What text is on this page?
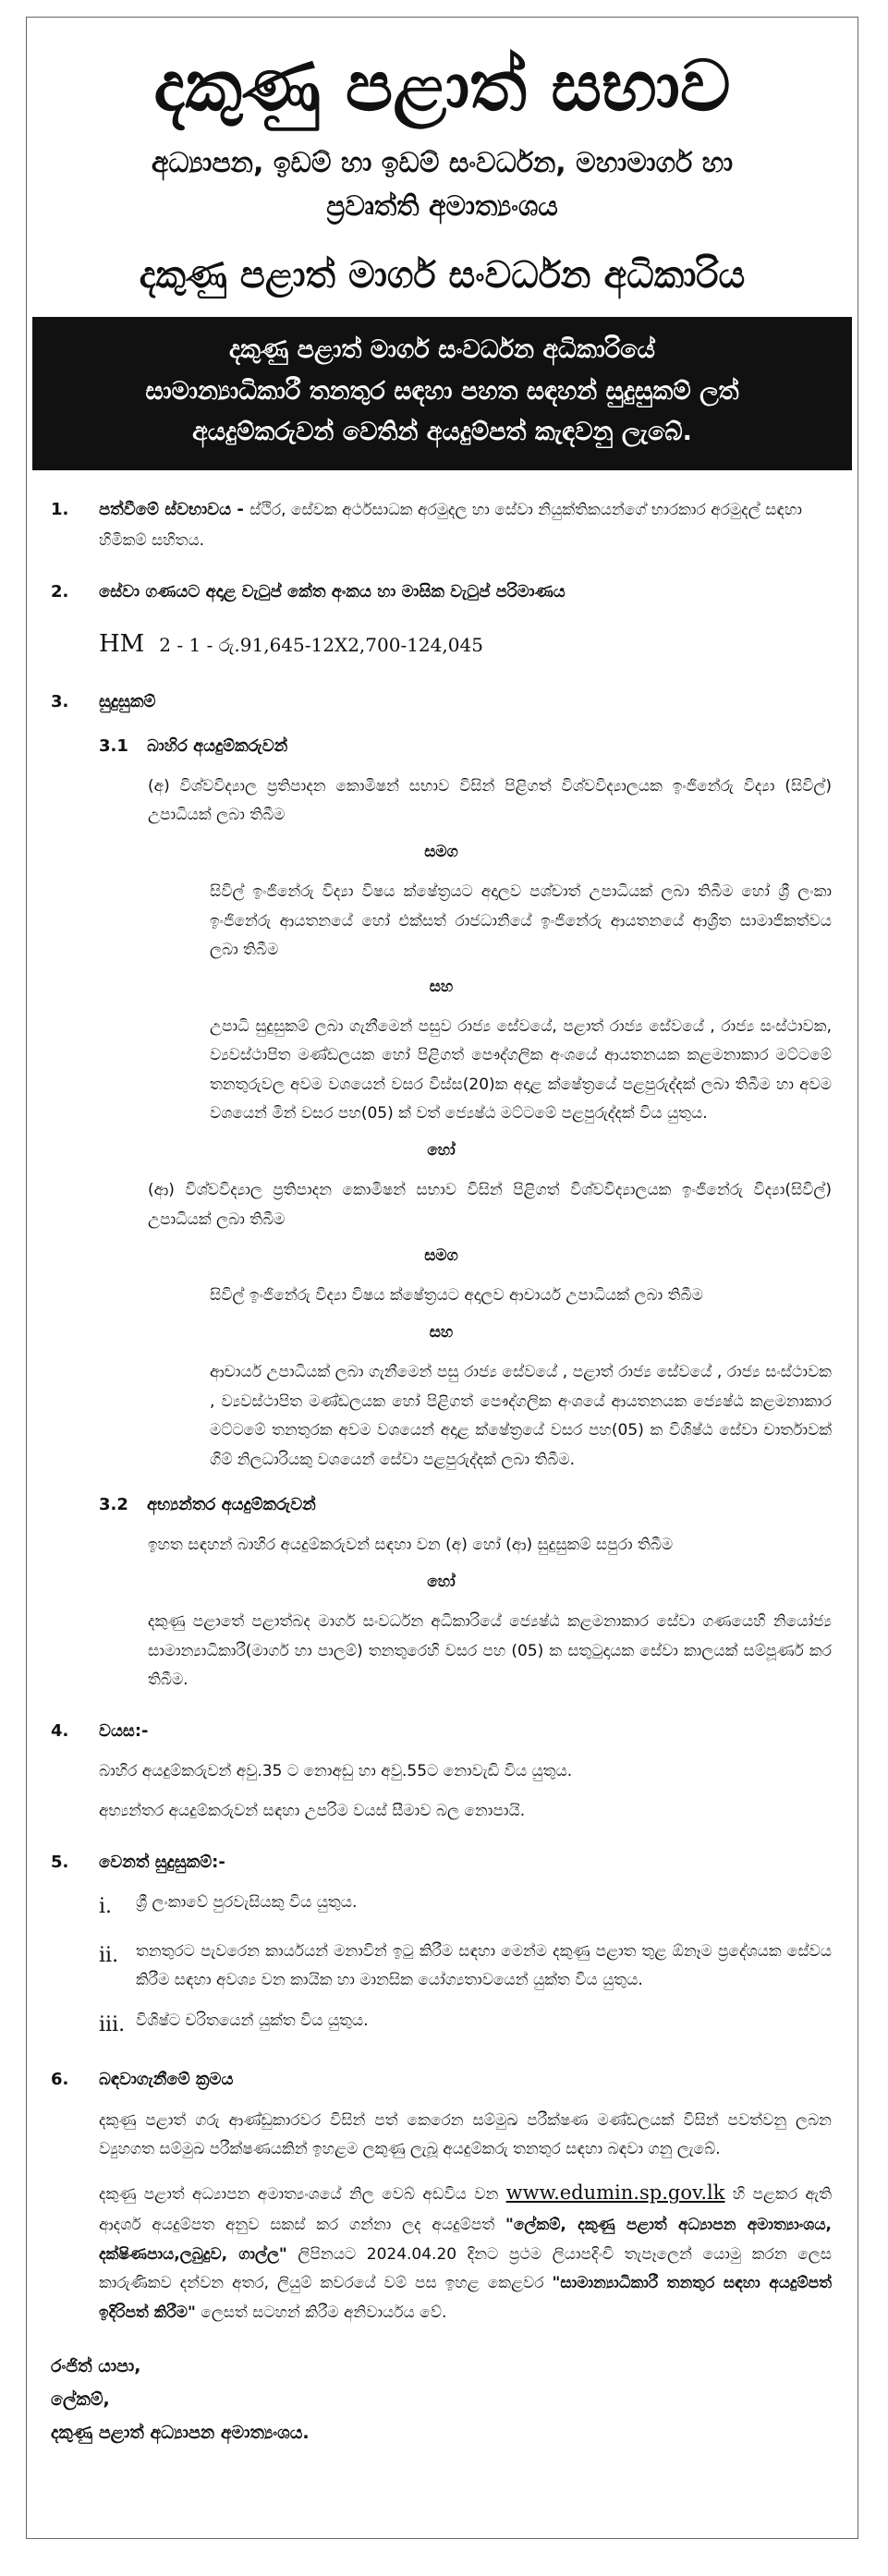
දකුණු පළාත් සභාව
අධ්‍යාපන, ඉඩම් හා ඉඩම් සංවර්ධන, මහාමාර්ග හා
ප්‍රවෘත්ති අමාත්‍යංශය
දකුණු පළාත් මාර්ග සංවර්ධන අධිකාරිය
දකුණු පළාත් මාර්ග සංවර්ධන අධිකාරියේ
සාමාන්‍යාධිකාරී තනතුර සඳහා පහත සඳහන් සුදුසුකම් ලත්
අයදුම්කරුවන් වෙතින් අයදුම්පත් කැඳවනු ලැබේ.
1.	පත්වීමේ ස්වභාවය - ස්ථිර, සේවක අර්ථසාධක අරමුදල හා සේවා නියුක්තිකයන්ගේ භාරකාර අරමුදල් සඳහා හිමිකම් සහිතය.
2.	සේවා ගණයට අදාළ වැටුප් කේත අංකය හා මාසික වැටුප් පරිමාණය
HM 2 - 1 - රු.91,645-12X2,700-124,045
3.	සුදුසුකම්
3.1	බාහිර අයදුම්කරුවන්
(අ) විශ්වවිද්‍යාල ප්‍රතිපාදන කොමිෂන් සභාව විසින් පිළිගත් විශ්වවිද්‍යාලයක ඉංජිනේරු විද්‍යා (සිවිල්) උපාධියක් ලබා තිබීම
සමග
සිවිල් ඉංජිනේරු විද්‍යා විෂය ක්ෂේත්‍රයට අදාලව පශ්චාත් උපාධියක් ලබා තිබීම හෝ ශ්‍රී ලංකා ඉංජිනේරු ආයතනයේ හෝ එක්සත් රාජධානියේ ඉංජිනේරු ආයතනයේ ආශ්‍රිත සාමාජිකත්වය ලබා තිබීම
සහ
උපාධි සුදුසුකම් ලබා ගැනීමෙන් පසුව රාජ්‍ය සේවයේ, පළාත් රාජ්‍ය සේවයේ , රාජ්‍ය සංස්ථාවක, ව්‍යවස්ථාපිත මණ්ඩලයක හෝ පිළිගත් පෞද්ගලික අංශයේ ආයතනයක කළමනාකාර මට්ටමේ තනතුරුවල අවම වශයෙන් වසර විස්ස(20)ක අදාළ ක්ෂේත්‍රයේ පළපුරුද්දක් ලබා තිබීම හා අවම වශයෙන් මින් වසර පහ(05) ක් වත් ජ්‍යෙෂ්ඨ මට්ටමේ පළපුරුද්දක් විය යුතුය.
හෝ
(ආ) විශ්වවිද්‍යාල ප්‍රතිපාදන කොමිෂන් සභාව විසින් පිළිගත් විශ්වවිද්‍යාලයක ඉංජිනේරු විද්‍යා(සිවිල්) උපාධියක් ලබා තිබීම
සමග
සිවිල් ඉංජිනේරු විද්‍යා විෂය ක්ෂේත්‍රයට අදාලව ආචාර්ය උපාධියක් ලබා තිබීම
සහ
ආචාර්ය උපාධියක් ලබා ගැනීමෙන් පසු රාජ්‍ය සේවයේ , පළාත් රාජ්‍ය සේවයේ , රාජ්‍ය සංස්ථාවක , ව්‍යවස්ථාපිත මණ්ඩලයක හෝ පිළිගත් පෞද්ගලික අංශයේ ආයතනයක ජ්‍යෙෂ්ඨ කළමනාකාර මට්ටමේ තනතුරක අවම වශයෙන් අදාළ ක්ෂේත්‍රයේ වසර පහ(05) ක විශිෂ්ඨ සේවා චාර්තාවක් ගිම් නිලධාරියකු වශයෙන් සේවා පළපුරුද්දක් ලබා තිබීම.
3.2	අභ්‍යන්තර අයදුම්කරුවන්
ඉහත සඳහන් බාහිර අයදුම්කරුවන් සඳහා වන (අ) හෝ (ආ) සුදුසුකම් සපුරා තිබීම
හෝ
දකුණු පළාතේ පළාත්බද මාර්ග සංවර්ධන අධිකාරියේ ජ්‍යෙෂ්ඨ කළමනාකාර සේවා ගණයෙහි නියෝජ්‍ය සාමාන්‍යාධිකාරී(මාර්ග හා පාලම්) තනතුරෙහි වසර පහ (05) ක සතුටුදායක සේවා කාලයක් සම්පූර්ණ කර තිබීම.
4.	වයස:-
බාහිර අයදුම්කරුවන් අවු.35 ට නොඅඩු හා අවු.55ට නොවැඩි විය යුතුය.
අභ්‍යන්තර අයදුම්කරුවන් සඳහා උපරිම වයස් සීමාව බල නොපායි.
5.	වෙනත් සුදුසුකම්:-
i.	ශ්‍රී ලංකාවේ පුරවැසියකු විය යුතුය.
ii.	තනතුරට පැවරෙන කාර්යයන් මනාවින් ඉටු කිරීම සඳහා මෙන්ම දකුණු පළාත තුළ ඕනෑම ප්‍රදේශයක සේවය කිරීම සඳහා අවශ්‍ය වන කායික හා මානසික යෝග්‍යතාවයෙන් යුක්ත විය යුතුය.
iii. විශිෂ්ට චරිතයෙන් යුක්ත විය යුතුය.
6.	බඳවාගැනීමේ ක්‍රමය
දකුණු පළාත් ගරු ආණ්ඩුකාරවර විසින් පත් කෙරෙන සම්මුඛ පරීක්ෂණ මණ්ඩලයක් විසින් පවත්වනු ලබන ව්‍යුහගත සම්මුඛ පරීක්ෂණයකින් ඉහළම ලකුණු ලැබූ අයදුම්කරු තනතුර සඳහා බඳවා ගනු ලැබේ.
දකුණු පළාත් අධ්‍යාපන අමාත්‍යංශයේ නිල වෙබ් අඩවිය වන www.edumin.sp.gov.lk හි පළකර ඇති ආදර්ශ අයදුම්පත අනුව සකස් කර ගන්නා ලද අයදුම්පත් "ලේකම්, දකුණු පළාත් අධ්‍යාපන අමාත්‍යාංශය, දක්ෂිණපාය,ලබුදුව, ගාල්ල" ලිපිනයට 2024.04.20 දිනට ප්‍රථම ලියාපදිංචි තැපෑලෙන් යොමු කරන ලෙස කාරුණිකව දන්වන අතර, ලියුම් කවරයේ වම් පස ඉහළ කෙළවර "සාමාන්‍යාධිකාරී තනතුර සඳහා අයදුම්පත් ඉදිරිපත් කිරීම" ලෙසත් සටහන් කිරීම අනිවාර්යය වේ.
රංජිත් යාපා,
ලේකම්,
දකුණු පළාත් අධ්‍යාපන අමාත්‍යංශය.
